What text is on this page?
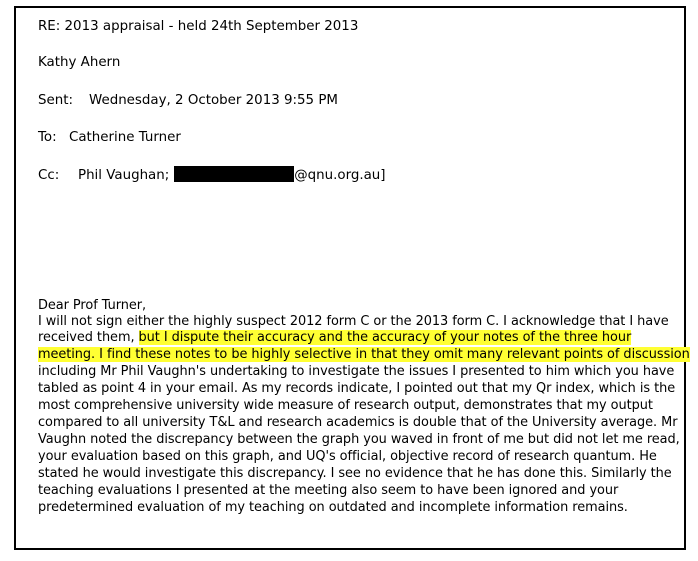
RE: 2013 appraisal - held 24th September 2013
Kathy Ahern
Sent: Wednesday, 2 October 2013 9:55 PM
To: Catherine Turner
Cc: Phil Vaughan;	@qnu.org.au]
Dear Prof Turner,
I will not sign either the highly suspect 2012 form C or the 2013 form C. I acknowledge that I have
received them, but I dispute their accuracy and the accuracy of your notes of the three hour
meeting. I find these notes to be highly selective in that they omit many relevant points of discussion
including Mr Phil Vaughn's undertaking to investigate the issues I presented to him which you have
tabled as point 4 in your email. As my records indicate, I pointed out that my Qr index, which is the
most comprehensive university wide measure of research output, demonstrates that my output
compared to all university T&L and research academics is double that of the University average. Mr
Vaughn noted the discrepancy between the graph you waved in front of me but did not let me read,
your evaluation based on this graph, and UQ's official, objective record of research quantum. He
stated he would investigate this discrepancy. I see no evidence that he has done this. Similarly the
teaching evaluations I presented at the meeting also seem to have been ignored and your
predetermined evaluation of my teaching on outdated and incomplete information remains.
